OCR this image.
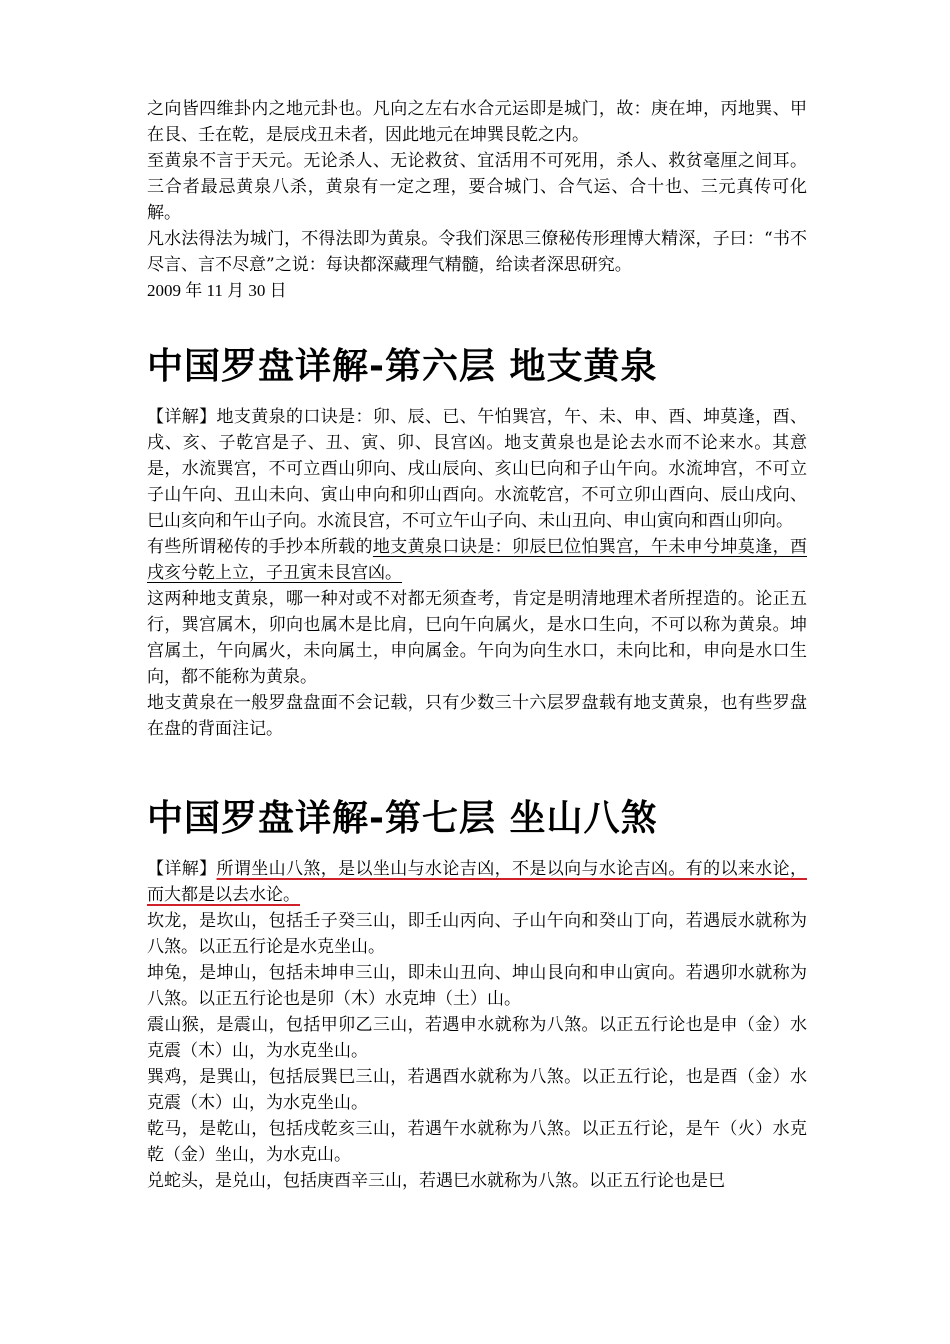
之向皆四维卦内之地元卦也。凡向之左右水合元运即是城门，故：庚在坤，丙地巽、甲在艮、壬在乾，是辰戌丑未者，因此地元在坤巽艮乾之内。

至黄泉不言于天元。无论杀人、无论救贫、宜活用不可死用，杀人、救贫毫厘之间耳。三合者最忌黄泉八杀，黄泉有一定之理，要合城门、合气运、合十也、三元真传可化解。

凡水法得法为城门，不得法即为黄泉。令我们深思三僚秘传形理博大精深，子曰：“书不尽言、言不尽意”之说：每诀都深藏理气精髓，给读者深思研究。

2009 年 11 月 30 日

中国罗盘详解-第六层 地支黄泉

【详解】地支黄泉的口诀是：卯、辰、已、午怕巽宫，午、未、申、酉、坤莫逢，酉、戌、亥、子乾宫是子、丑、寅、卯、艮宫凶。地支黄泉也是论去水而不论来水。其意是，水流巽宫，不可立酉山卯向、戌山辰向、亥山巳向和子山午向。水流坤宫，不可立子山午向、丑山未向、寅山申向和卯山酉向。水流乾宫，不可立卯山酉向、辰山戌向、巳山亥向和午山子向。水流艮宫，不可立午山子向、未山丑向、申山寅向和酉山卯向。

有些所谓秘传的手抄本所载的地支黄泉口诀是：卯辰巳位怕巽宫，午未申兮坤莫逢，酉戌亥兮乾上立，子丑寅未艮宫凶。

这两种地支黄泉，哪一种对或不对都无须查考，肯定是明清地理术者所捏造的。论正五行，巽宫属木，卯向也属木是比肩，巳向午向属火，是水口生向，不可以称为黄泉。坤宫属土，午向属火，未向属土，申向属金。午向为向生水口，未向比和，申向是水口生向，都不能称为黄泉。

地支黄泉在一般罗盘盘面不会记载，只有少数三十六层罗盘载有地支黄泉，也有些罗盘在盘的背面注记。

中国罗盘详解-第七层 坐山八煞

【详解】所谓坐山八煞，是以坐山与水论吉凶，不是以向与水论吉凶。有的以来水论，而大都是以去水论。

坎龙，是坎山，包括壬子癸三山，即壬山丙向、子山午向和癸山丁向，若遇辰水就称为八煞。以正五行论是水克坐山。

坤兔，是坤山，包括未坤申三山，即未山丑向、坤山艮向和申山寅向。若遇卯水就称为八煞。以正五行论也是卯（木）水克坤（土）山。

震山猴，是震山，包括甲卯乙三山，若遇申水就称为八煞。以正五行论也是申（金）水克震（木）山，为水克坐山。

巽鸡，是巽山，包括辰巽巳三山，若遇酉水就称为八煞。以正五行论，也是酉（金）水克震（木）山，为水克坐山。

乾马，是乾山，包括戌乾亥三山，若遇午水就称为八煞。以正五行论，是午（火）水克乾（金）坐山，为水克山。

兑蛇头，是兑山，包括庚酉辛三山，若遇巳水就称为八煞。以正五行论也是巳
